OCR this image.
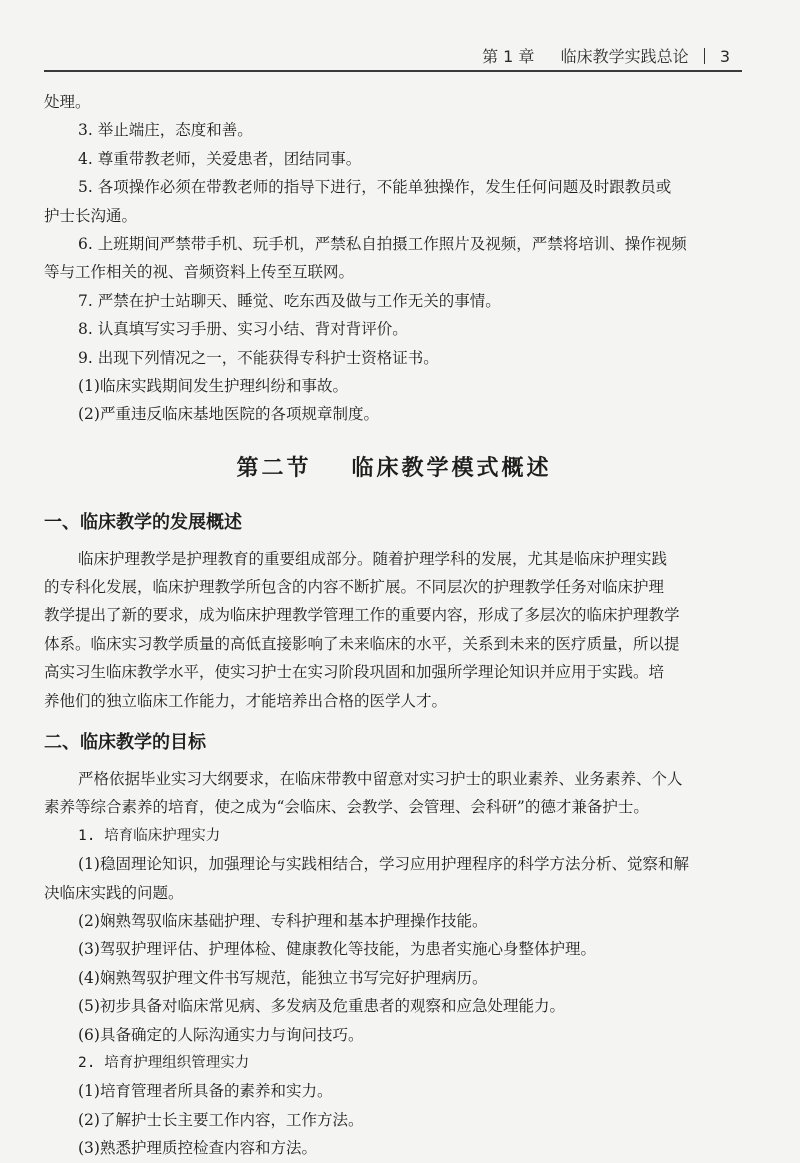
第 1 章 临床教学实践总论 3
处理。
3. 举止端庄，态度和善。
4. 尊重带教老师，关爱患者，团结同事。
5. 各项操作必须在带教老师的指导下进行，不能单独操作，发生任何问题及时跟教员或
护士长沟通。
6. 上班期间严禁带手机、玩手机，严禁私自拍摄工作照片及视频，严禁将培训、操作视频
等与工作相关的视、音频资料上传至互联网。
7. 严禁在护士站聊天、睡觉、吃东西及做与工作无关的事情。
8. 认真填写实习手册、实习小结、背对背评价。
9. 出现下列情况之一，不能获得专科护士资格证书。
(1)临床实践期间发生护理纠纷和事故。
(2)严重违反临床基地医院的各项规章制度。
第二节 临床教学模式概述
一、临床教学的发展概述
临床护理教学是护理教育的重要组成部分。随着护理学科的发展，尤其是临床护理实践
的专科化发展，临床护理教学所包含的内容不断扩展。不同层次的护理教学任务对临床护理
教学提出了新的要求，成为临床护理教学管理工作的重要内容，形成了多层次的临床护理教学
体系。临床实习教学质量的高低直接影响了未来临床的水平，关系到未来的医疗质量，所以提
高实习生临床教学水平，使实习护士在实习阶段巩固和加强所学理论知识并应用于实践。培
养他们的独立临床工作能力，才能培养出合格的医学人才。
二、临床教学的目标
严格依据毕业实习大纲要求，在临床带教中留意对实习护士的职业素养、业务素养、个人
素养等综合素养的培育，使之成为“会临床、会教学、会管理、会科研”的德才兼备护士。
1. 培育临床护理实力
(1)稳固理论知识，加强理论与实践相结合，学习应用护理程序的科学方法分析、觉察和解
决临床实践的问题。
(2)娴熟驾驭临床基础护理、专科护理和基本护理操作技能。
(3)驾驭护理评估、护理体检、健康教化等技能，为患者实施心身整体护理。
(4)娴熟驾驭护理文件书写规范，能独立书写完好护理病历。
(5)初步具备对临床常见病、多发病及危重患者的观察和应急处理能力。
(6)具备确定的人际沟通实力与询问技巧。
2. 培育护理组织管理实力
(1)培育管理者所具备的素养和实力。
(2)了解护士长主要工作内容，工作方法。
(3)熟悉护理质控检查内容和方法。
